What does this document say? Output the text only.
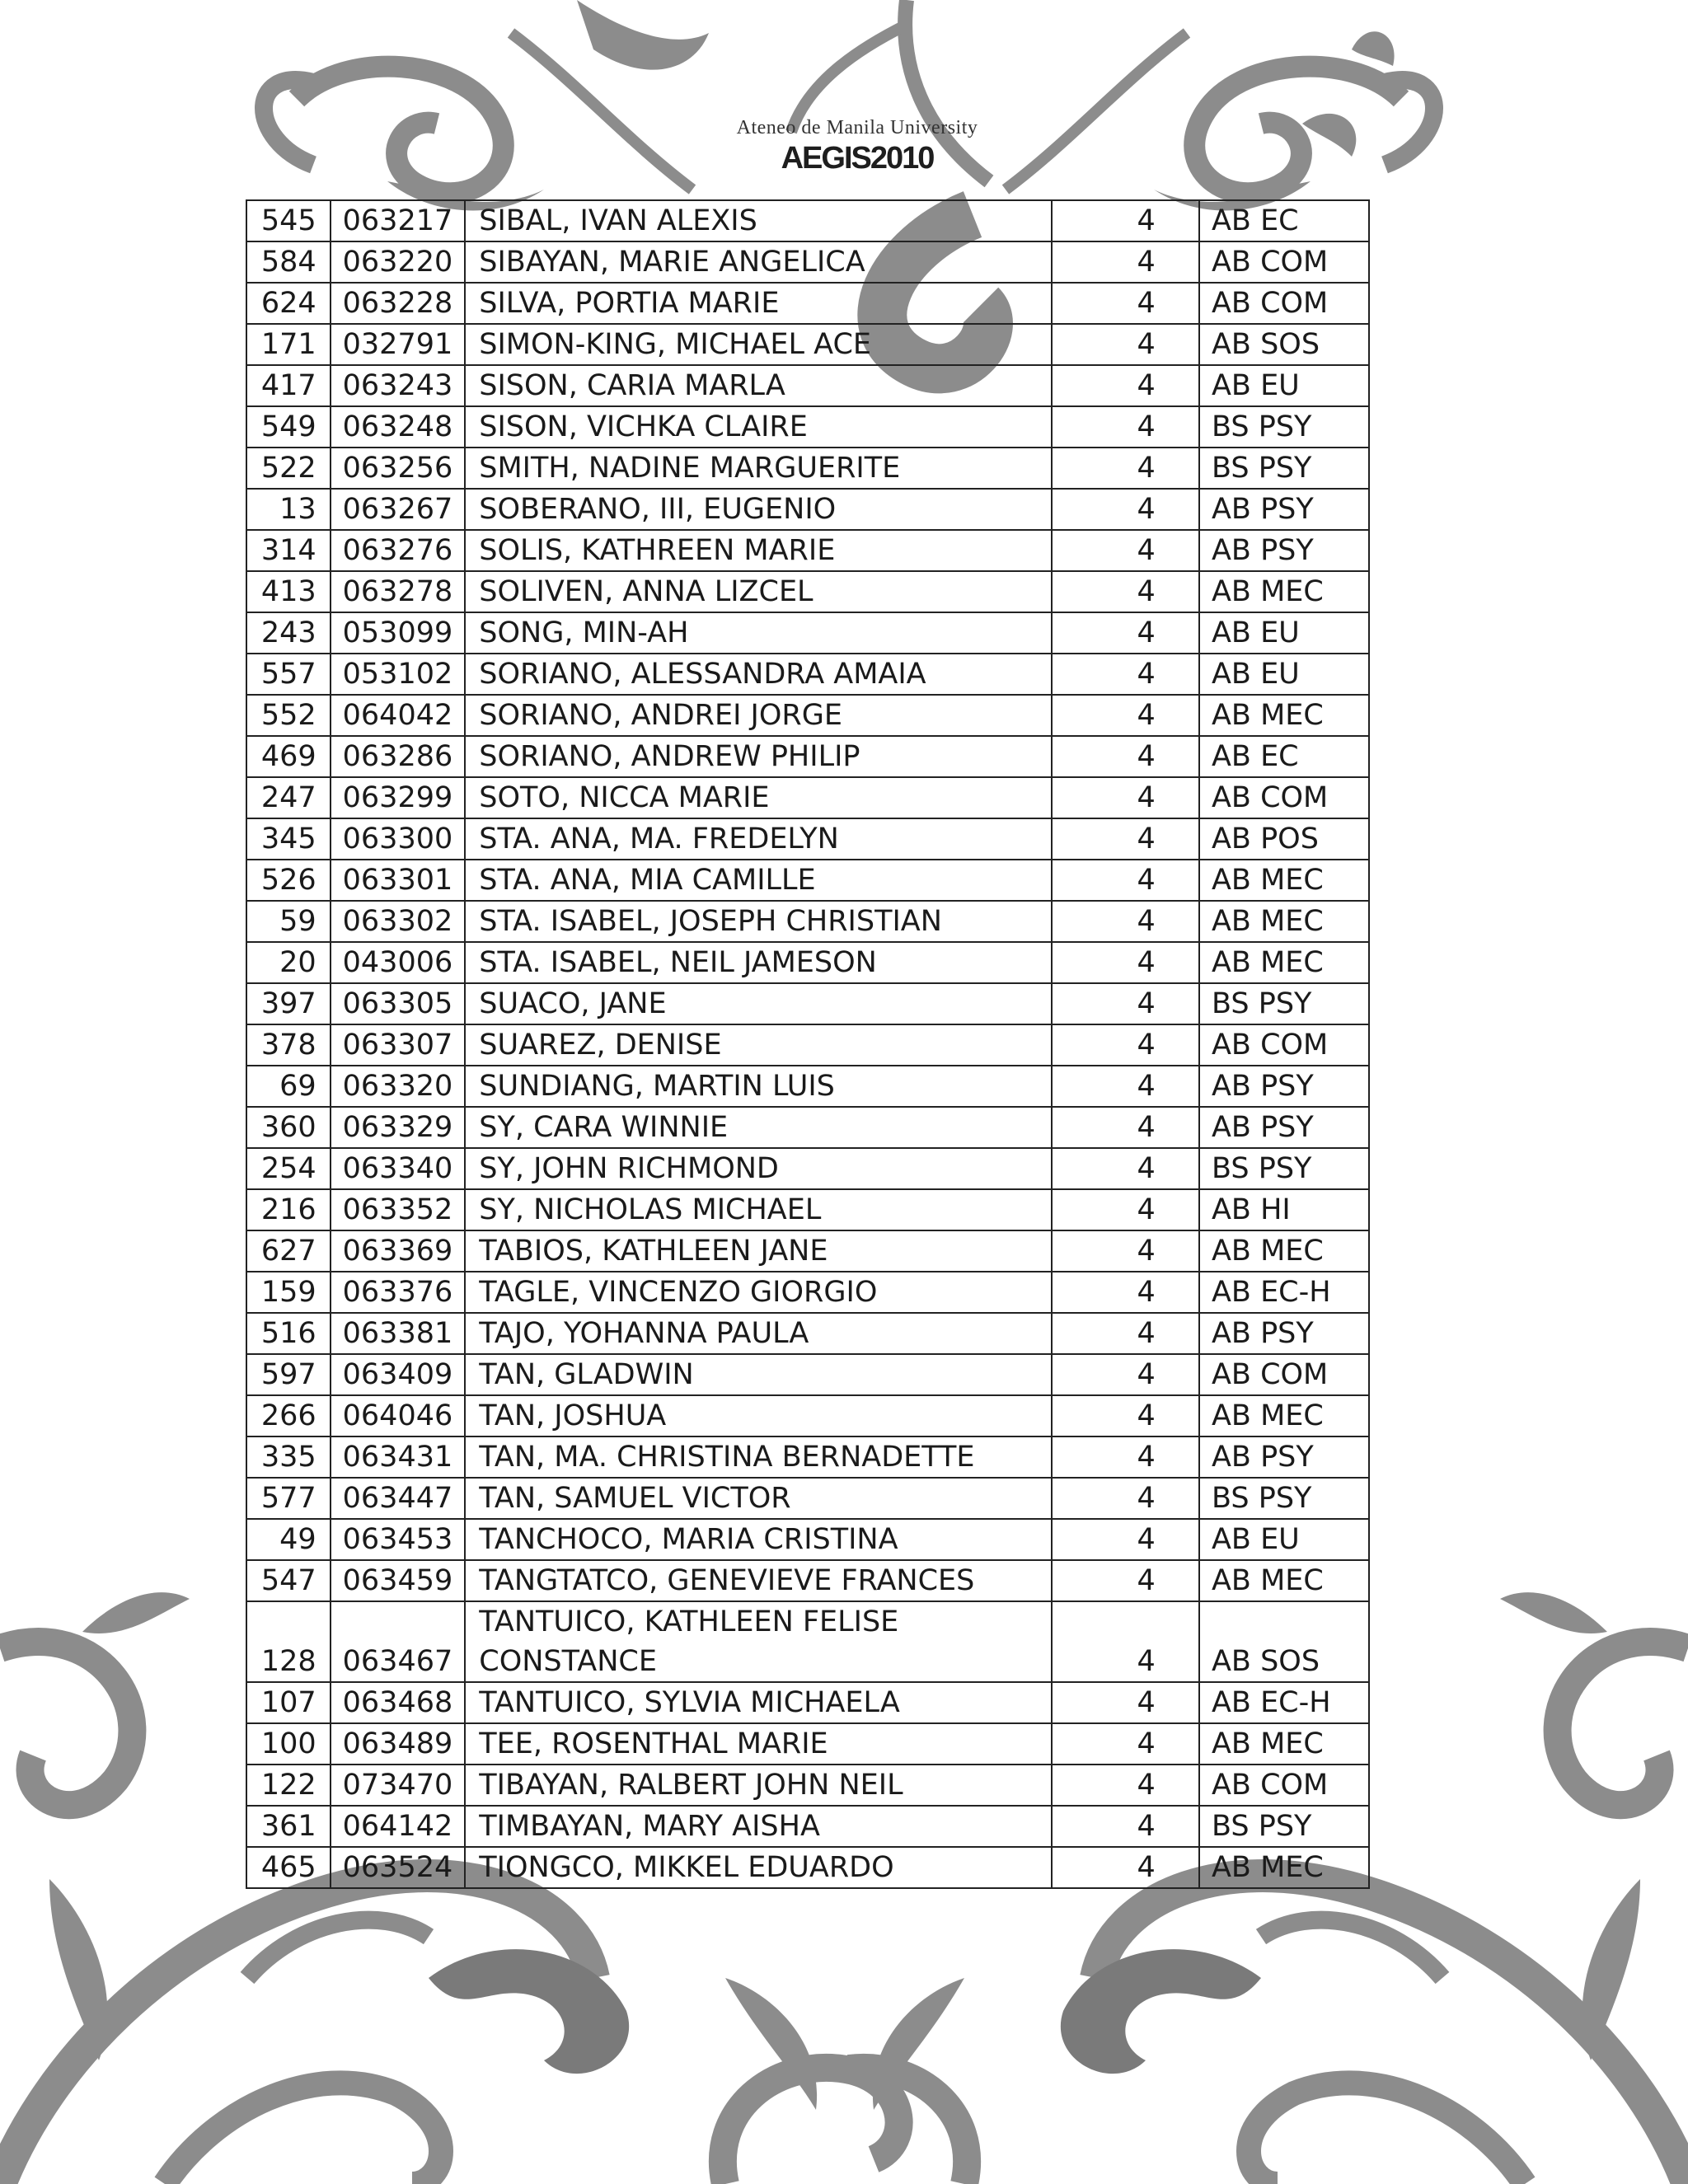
Ateneo de Manila University
AEGIS2010
545	063217	SIBAL, IVAN ALEXIS	4	AB EC
584	063220	SIBAYAN, MARIE ANGELICA	4	AB COM
624	063228	SILVA, PORTIA MARIE	4	AB COM
171	032791	SIMON-KING, MICHAEL ACE	4	AB SOS
417	063243	SISON, CARIA MARLA	4	AB EU
549	063248	SISON, VICHKA CLAIRE	4	BS PSY
522	063256	SMITH, NADINE MARGUERITE	4	BS PSY
13	063267	SOBERANO, III, EUGENIO	4	AB PSY
314	063276	SOLIS, KATHREEN MARIE	4	AB PSY
413	063278	SOLIVEN, ANNA LIZCEL	4	AB MEC
243	053099	SONG, MIN-AH	4	AB EU
557	053102	SORIANO, ALESSANDRA AMAIA	4	AB EU
552	064042	SORIANO, ANDREI JORGE	4	AB MEC
469	063286	SORIANO, ANDREW PHILIP	4	AB EC
247	063299	SOTO, NICCA MARIE	4	AB COM
345	063300	STA. ANA, MA. FREDELYN	4	AB POS
526	063301	STA. ANA, MIA CAMILLE	4	AB MEC
59	063302	STA. ISABEL, JOSEPH CHRISTIAN	4	AB MEC
20	043006	STA. ISABEL, NEIL JAMESON	4	AB MEC
397	063305	SUACO, JANE	4	BS PSY
378	063307	SUAREZ, DENISE	4	AB COM
69	063320	SUNDIANG, MARTIN LUIS	4	AB PSY
360	063329	SY, CARA WINNIE	4	AB PSY
254	063340	SY, JOHN RICHMOND	4	BS PSY
216	063352	SY, NICHOLAS MICHAEL	4	AB HI
627	063369	TABIOS, KATHLEEN JANE	4	AB MEC
159	063376	TAGLE, VINCENZO GIORGIO	4	AB EC-H
516	063381	TAJO, YOHANNA PAULA	4	AB PSY
597	063409	TAN, GLADWIN	4	AB COM
266	064046	TAN, JOSHUA	4	AB MEC
335	063431	TAN, MA. CHRISTINA BERNADETTE	4	AB PSY
577	063447	TAN, SAMUEL VICTOR	4	BS PSY
49	063453	TANCHOCO, MARIA CRISTINA	4	AB EU
547	063459	TANGTATCO, GENEVIEVE FRANCES	4	AB MEC
128	063467	TANTUICO, KATHLEEN FELISE CONSTANCE	4	AB SOS
107	063468	TANTUICO, SYLVIA MICHAELA	4	AB EC-H
100	063489	TEE, ROSENTHAL MARIE	4	AB MEC
122	073470	TIBAYAN, RALBERT JOHN NEIL	4	AB COM
361	064142	TIMBAYAN, MARY AISHA	4	BS PSY
465	063524	TIONGCO, MIKKEL EDUARDO	4	AB MEC
